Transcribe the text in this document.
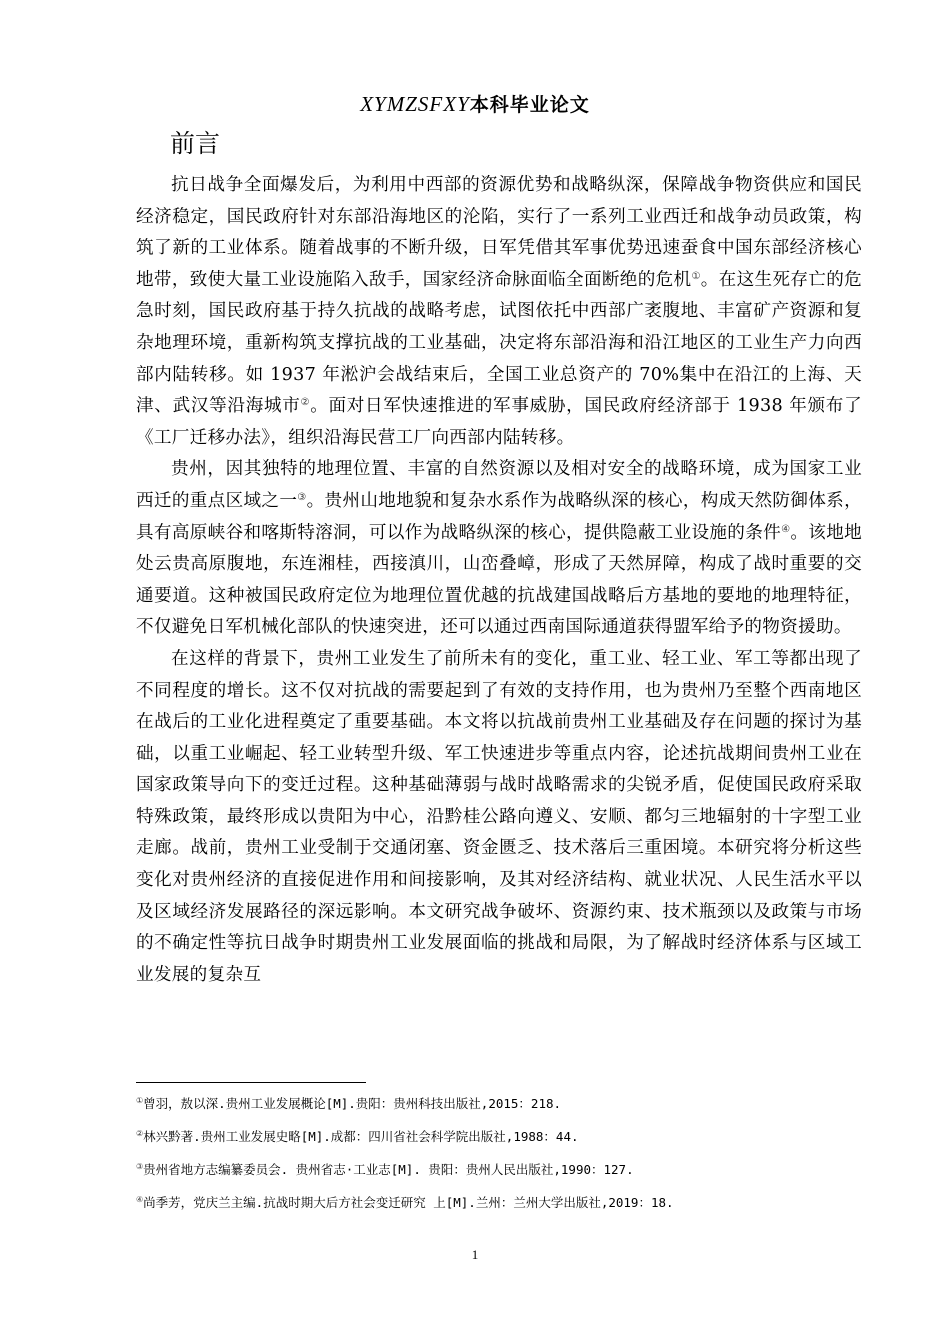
XYMZSFXY本科毕业论文
前言

抗日战争全面爆发后，为利用中西部的资源优势和战略纵深，保障战争物资供应和国民经济稳定，国民政府针对东部沿海地区的沦陷，实行了一系列工业西迁和战争动员政策，构筑了新的工业体系。随着战事的不断升级，日军凭借其军事优势迅速蚕食中国东部经济核心地带，致使大量工业设施陷入敌手，国家经济命脉面临全面断绝的危机①。在这生死存亡的危急时刻，国民政府基于持久抗战的战略考虑，试图依托中西部广袤腹地、丰富矿产资源和复杂地理环境，重新构筑支撑抗战的工业基础，决定将东部沿海和沿江地区的工业生产力向西部内陆转移。如 1937 年淞沪会战结束后，全国工业总资产的 70%集中在沿江的上海、天津、武汉等沿海城市②。面对日军快速推进的军事威胁，国民政府经济部于 1938 年颁布了《工厂迁移办法》，组织沿海民营工厂向西部内陆转移。

贵州，因其独特的地理位置、丰富的自然资源以及相对安全的战略环境，成为国家工业西迁的重点区域之一③。贵州山地地貌和复杂水系作为战略纵深的核心，构成天然防御体系，具有高原峡谷和喀斯特溶洞，可以作为战略纵深的核心，提供隐蔽工业设施的条件④。该地地处云贵高原腹地，东连湘桂，西接滇川，山峦叠嶂，形成了天然屏障，构成了战时重要的交通要道。这种被国民政府定位为地理位置优越的抗战建国战略后方基地的要地的地理特征，不仅避免日军机械化部队的快速突进，还可以通过西南国际通道获得盟军给予的物资援助。

在这样的背景下，贵州工业发生了前所未有的变化，重工业、轻工业、军工等都出现了不同程度的增长。这不仅对抗战的需要起到了有效的支持作用，也为贵州乃至整个西南地区在战后的工业化进程奠定了重要基础。本文将以抗战前贵州工业基础及存在问题的探讨为基础，以重工业崛起、轻工业转型升级、军工快速进步等重点内容，论述抗战期间贵州工业在国家政策导向下的变迁过程。这种基础薄弱与战时战略需求的尖锐矛盾，促使国民政府采取特殊政策，最终形成以贵阳为中心，沿黔桂公路向遵义、安顺、都匀三地辐射的十字型工业走廊。战前，贵州工业受制于交通闭塞、资金匮乏、技术落后三重困境。本研究将分析这些变化对贵州经济的直接促进作用和间接影响，及其对经济结构、就业状况、人民生活水平以及区域经济发展路径的深远影响。本文研究战争破坏、资源约束、技术瓶颈以及政策与市场的不确定性等抗日战争时期贵州工业发展面临的挑战和局限，为了解战时经济体系与区域工业发展的复杂互

①曾羽，敖以深.贵州工业发展概论[M].贵阳：贵州科技出版社,2015：218.
②林兴黔著.贵州工业发展史略[M].成都：四川省社会科学院出版社,1988：44.
③贵州省地方志编纂委员会. 贵州省志·工业志[M]. 贵阳：贵州人民出版社,1990：127.
④尚季芳，党庆兰主编.抗战时期大后方社会变迁研究 上[M].兰州：兰州大学出版社,2019：18.
1
